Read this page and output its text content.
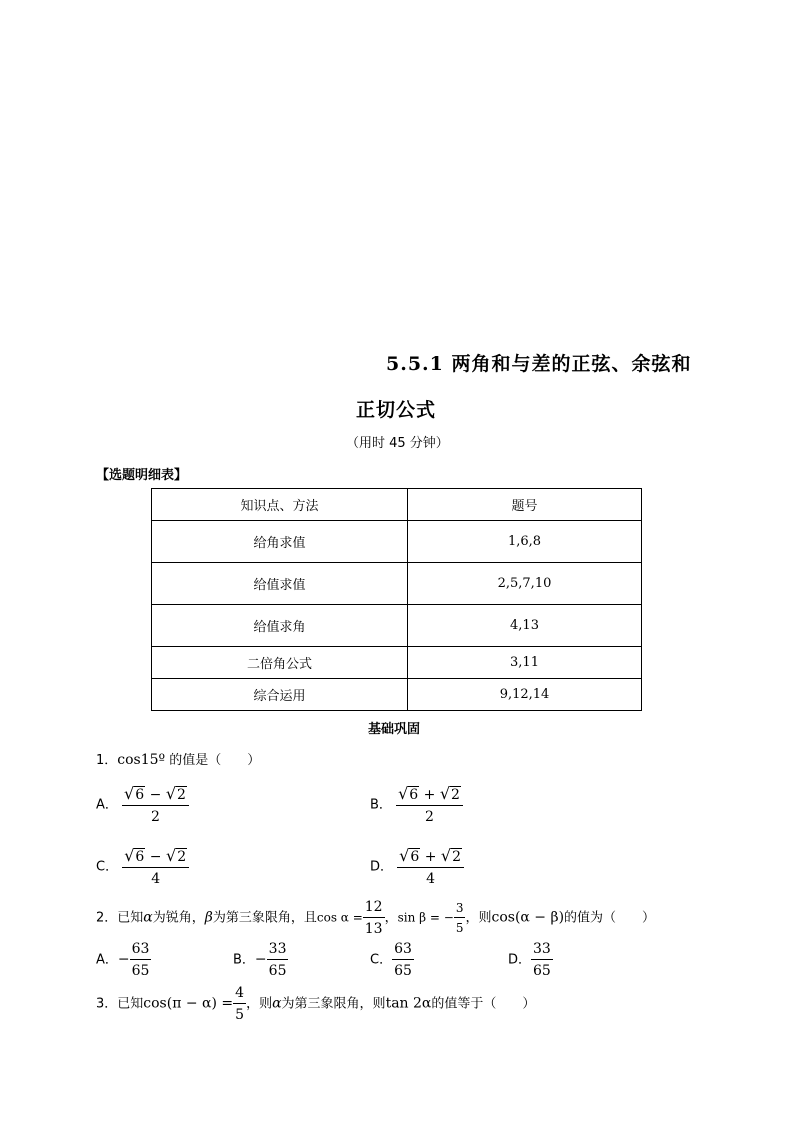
5.5.1 两角和与差的正弦、余弦和
正切公式
（用时 45 分钟）
【选题明细表】
知识点、方法	题号
给角求值	1,6,8
给值求值	2,5,7,10
给值求角	4,13
二倍角公式	3,11
综合运用	9,12,14
基础巩固
1．cos15º 的值是（　　）
A． $\frac{√ 6 - √ 2}{2}$	B． $\frac{√ 6 + √ 2}{2}$
C． $\frac{√ 6 - √ 2}{4}$	D． $\frac{√ 6 + √ 2}{4}$
2．已知α为锐角，β为第三象限角，且$\cos \alpha = \frac{12}{13}$ ，sin β = − $\frac{3}{5}$ ，则cos(α − β)的值为（　　）
A．− $\frac{63}{65}$	B．− $\frac{33}{65}$	C． $\frac{63}{65}$	D． $\frac{33}{65}$
3．已知$\cos(\pi - \alpha) = \frac{4}{5}$ ，则α为第三象限角，则tan 2α的值等于（　　）
